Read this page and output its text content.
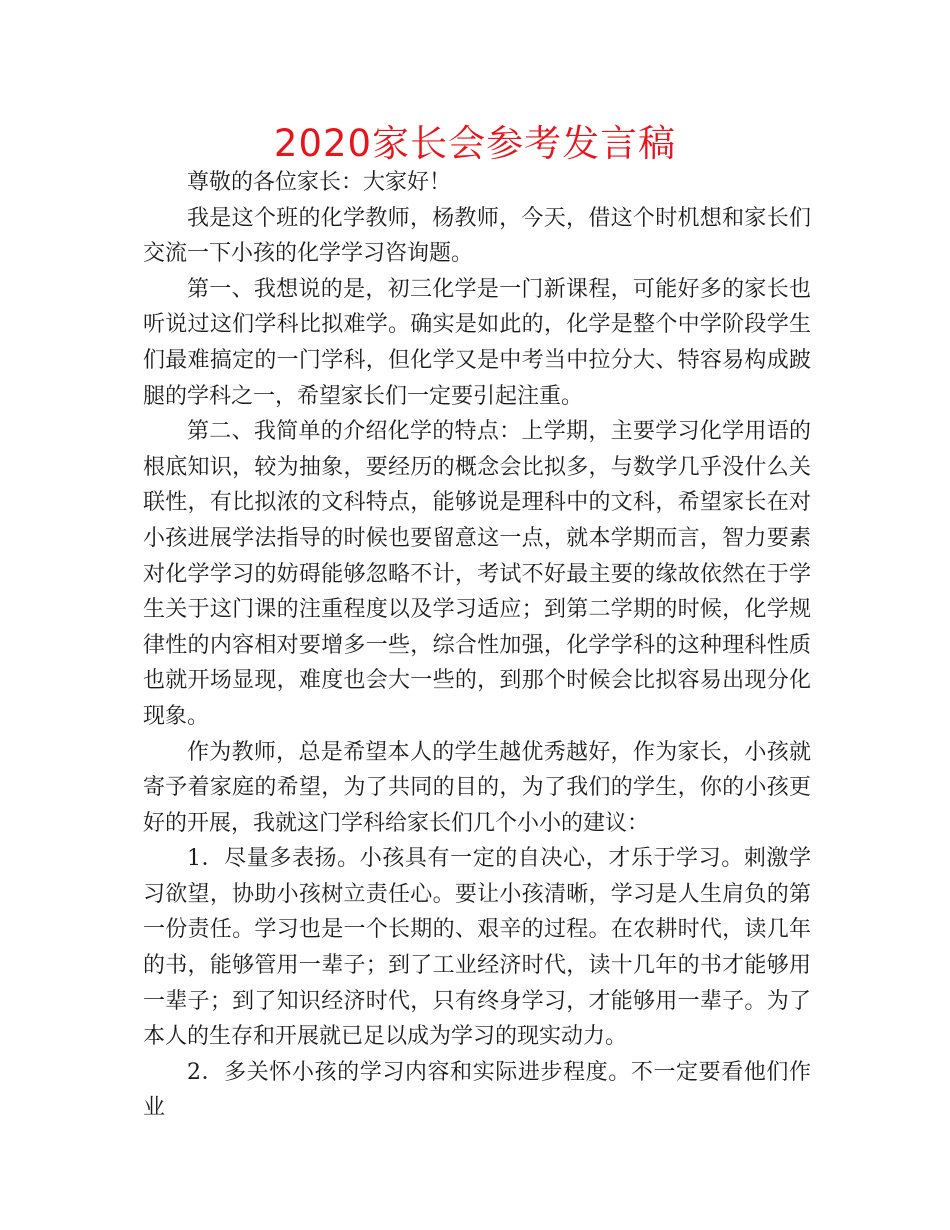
2020家长会参考发言稿

尊敬的各位家长：大家好！

我是这个班的化学教师，杨教师，今天，借这个时机想和家长们交流一下小孩的化学学习咨询题。

第一、我想说的是，初三化学是一门新课程，可能好多的家长也听说过这们学科比拟难学。确实是如此的，化学是整个中学阶段学生们最难搞定的一门学科，但化学又是中考当中拉分大、特容易构成跛腿的学科之一，希望家长们一定要引起注重。

第二、我简单的介绍化学的特点：上学期，主要学习化学用语的根底知识，较为抽象，要经历的概念会比拟多，与数学几乎没什么关联性，有比拟浓的文科特点，能够说是理科中的文科，希望家长在对小孩进展学法指导的时候也要留意这一点，就本学期而言，智力要素对化学学习的妨碍能够忽略不计，考试不好最主要的缘故依然在于学生关于这门课的注重程度以及学习适应；到第二学期的时候，化学规律性的内容相对要增多一些，综合性加强，化学学科的这种理科性质也就开场显现，难度也会大一些的，到那个时候会比拟容易出现分化现象。

作为教师，总是希望本人的学生越优秀越好，作为家长，小孩就寄予着家庭的希望，为了共同的目的，为了我们的学生，你的小孩更好的开展，我就这门学科给家长们几个小小的建议：

1．尽量多表扬。小孩具有一定的自决心，才乐于学习。刺激学习欲望，协助小孩树立责任心。要让小孩清晰，学习是人生肩负的第一份责任。学习也是一个长期的、艰辛的过程。在农耕时代，读几年的书，能够管用一辈子；到了工业经济时代，读十几年的书才能够用一辈子；到了知识经济时代，只有终身学习，才能够用一辈子。为了本人的生存和开展就已足以成为学习的现实动力。

2．多关怀小孩的学习内容和实际进步程度。不一定要看他们作业
